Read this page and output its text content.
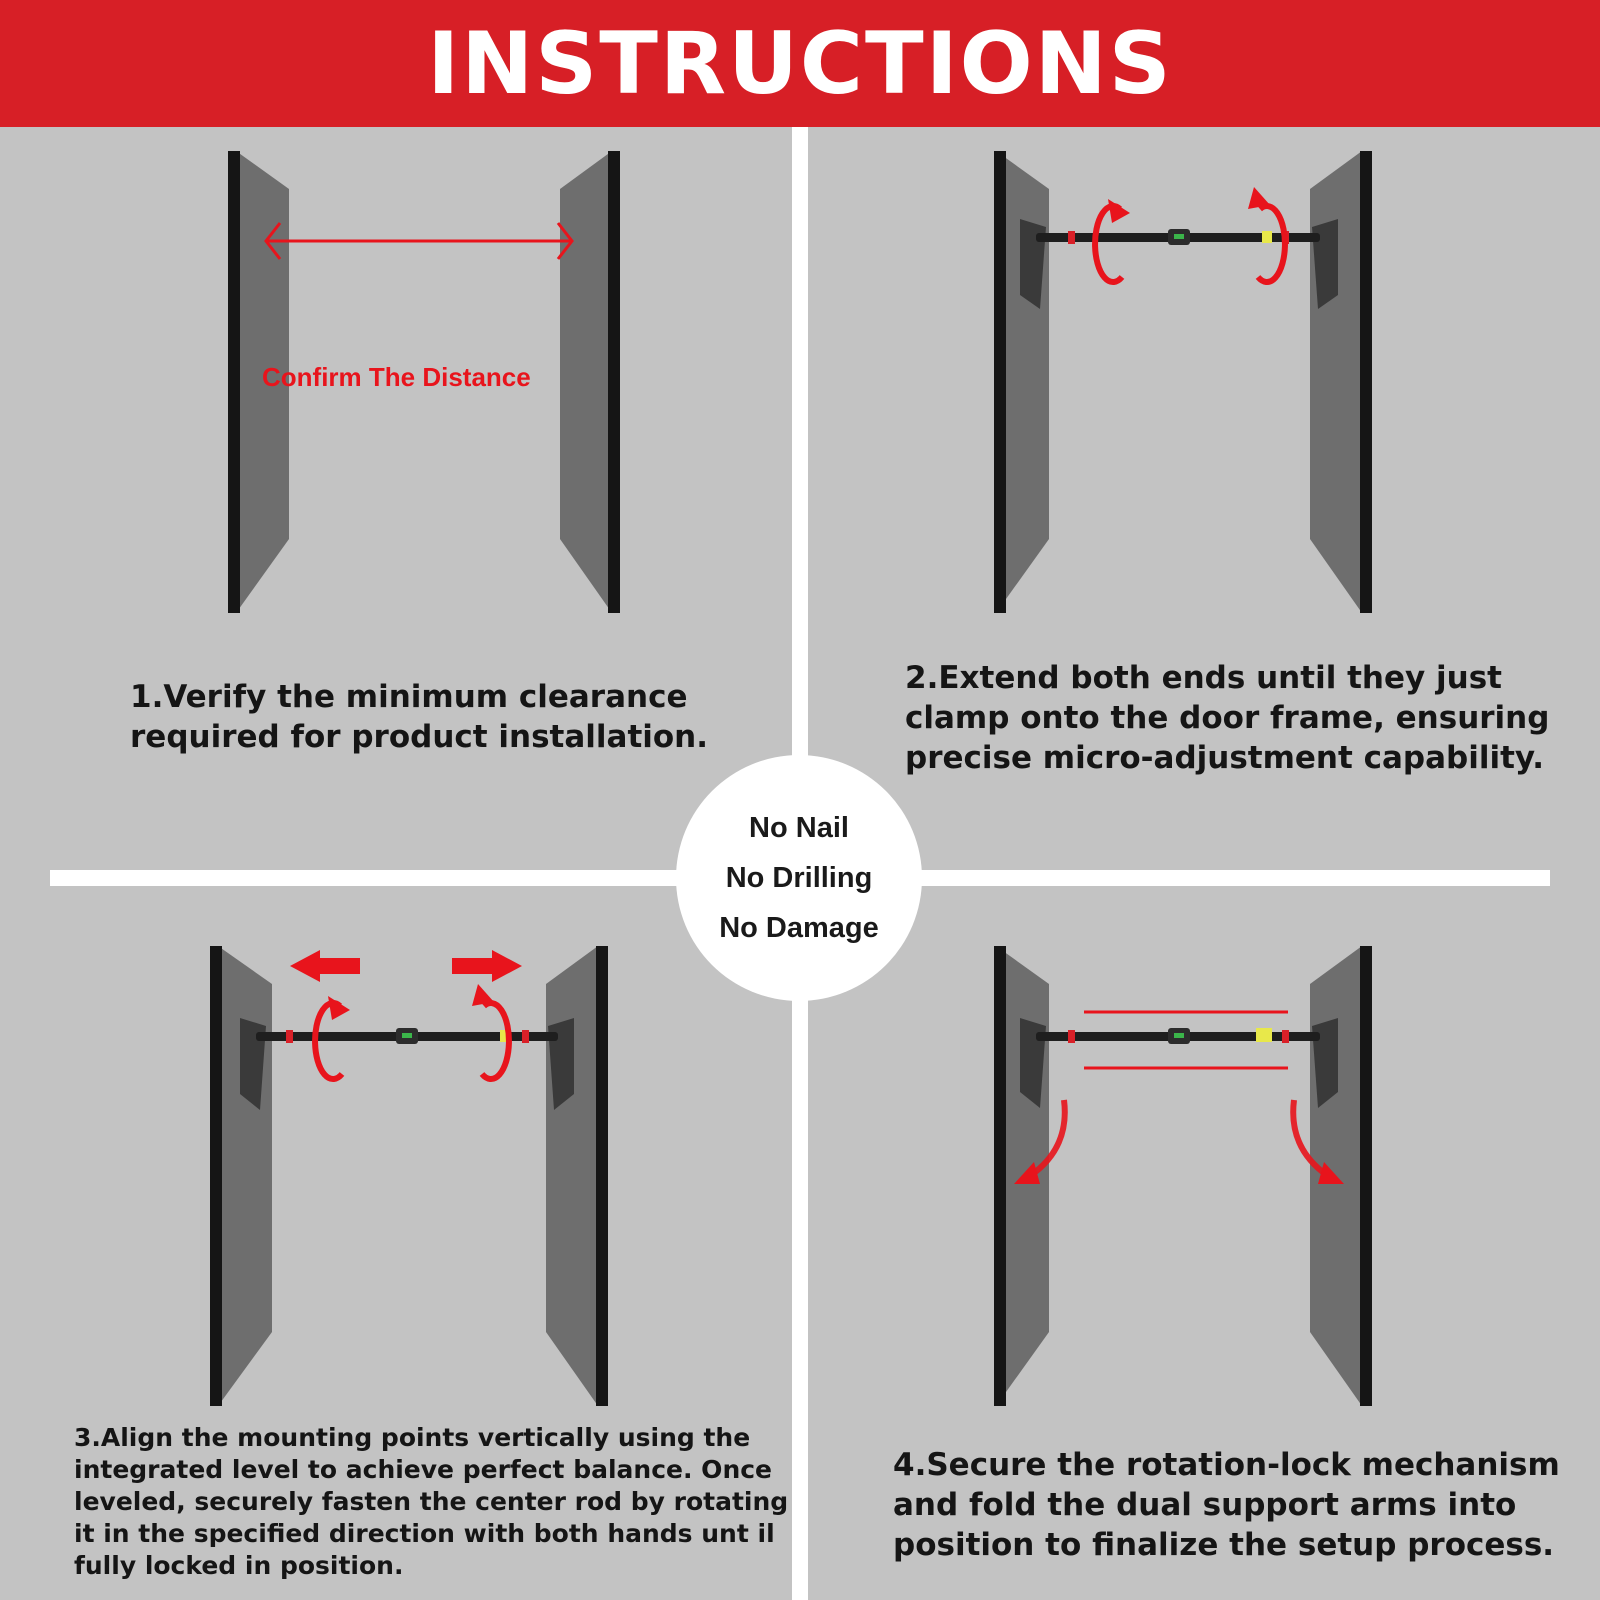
INSTRUCTIONS
Confirm The Distance
1.Verify the minimum clearance required for product installation.
2.Extend both ends until they just clamp onto the door frame, ensuring precise micro-adjustment capability.
3.Align the mounting points vertically using the integrated level to achieve perfect balance. Once leveled, securely fasten the center rod by rotating it in the specified direction with both hands unt il fully locked in position.
4.Secure the rotation-lock mechanism and fold the dual support arms into position to finalize the setup process.
No Nail
No Drilling
No Damage
